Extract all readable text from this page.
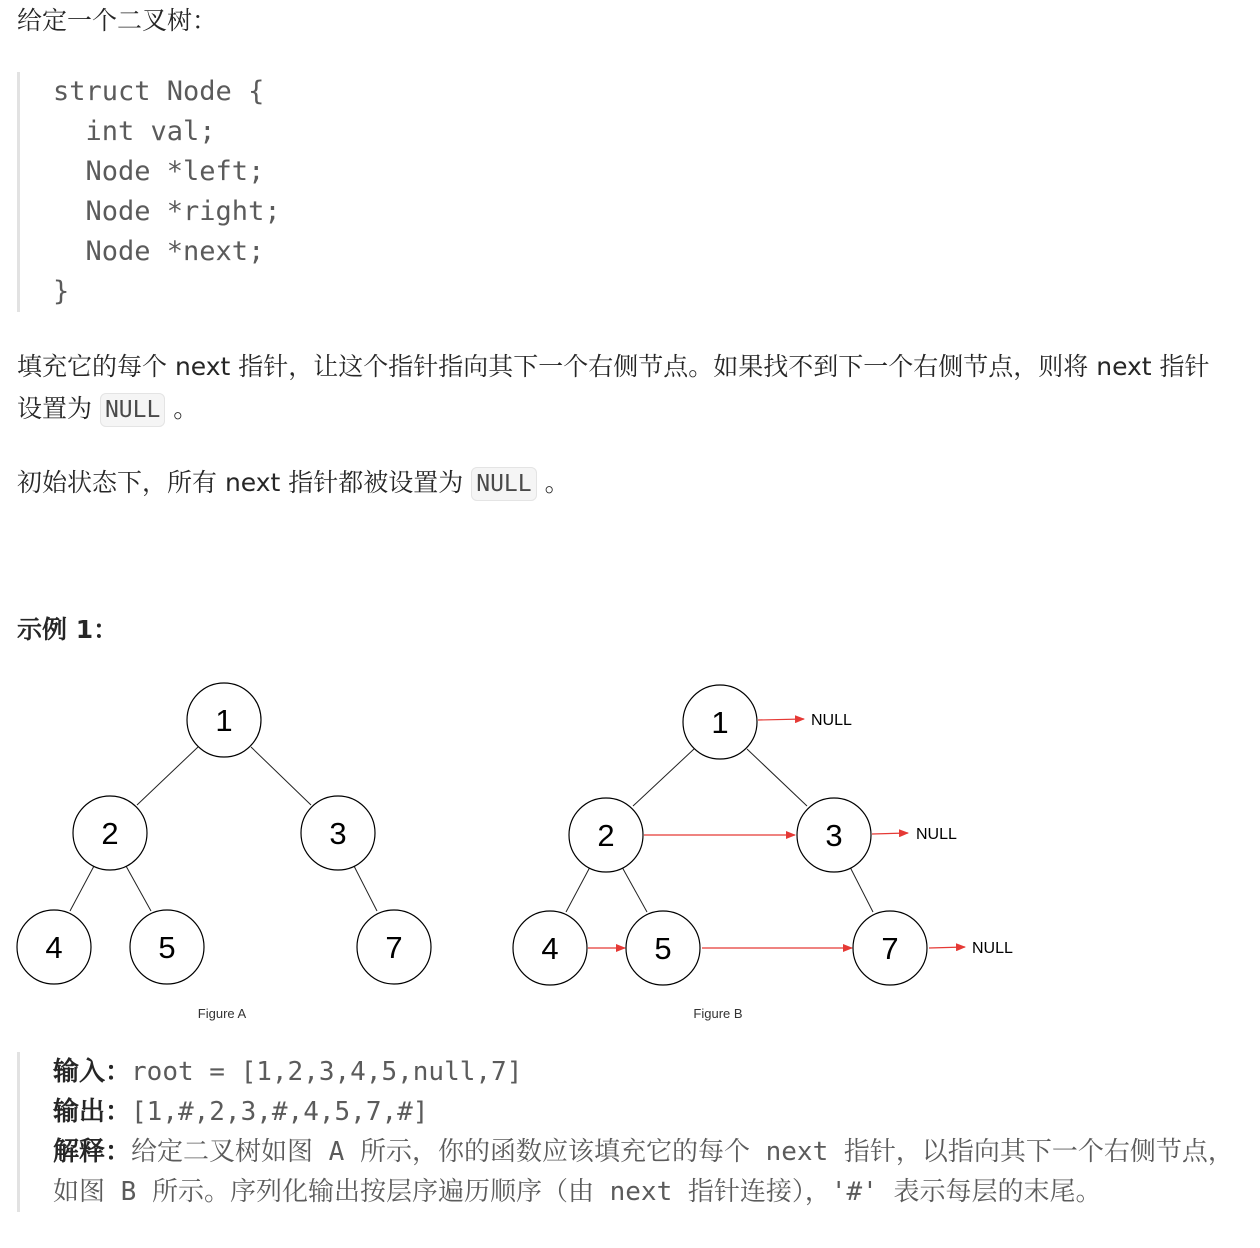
给定一个二叉树：

struct Node {
int val;
Node *left;
Node *right;
Node *next;
}

填充它的每个 next 指针，让这个指针指向其下一个右侧节点。如果找不到下一个右侧节点，则将 next 指针设置为 NULL 。

初始状态下，所有 next 指针都被设置为 NULL 。

示例 1：

1
2	3
4	5	7
Figure A
1
2	3
4	5	7
NULL
NULL
NULL
Figure B
输入：root = [1,2,3,4,5,null,7]
输出：[1,#,2,3,#,4,5,7,#]
解释：给定二叉树如图 A 所示，你的函数应该填充它的每个 next 指针，以指向其下一个右侧节点，如图 B 所示。序列化输出按层序遍历顺序（由 next 指针连接），'#' 表示每层的末尾。
